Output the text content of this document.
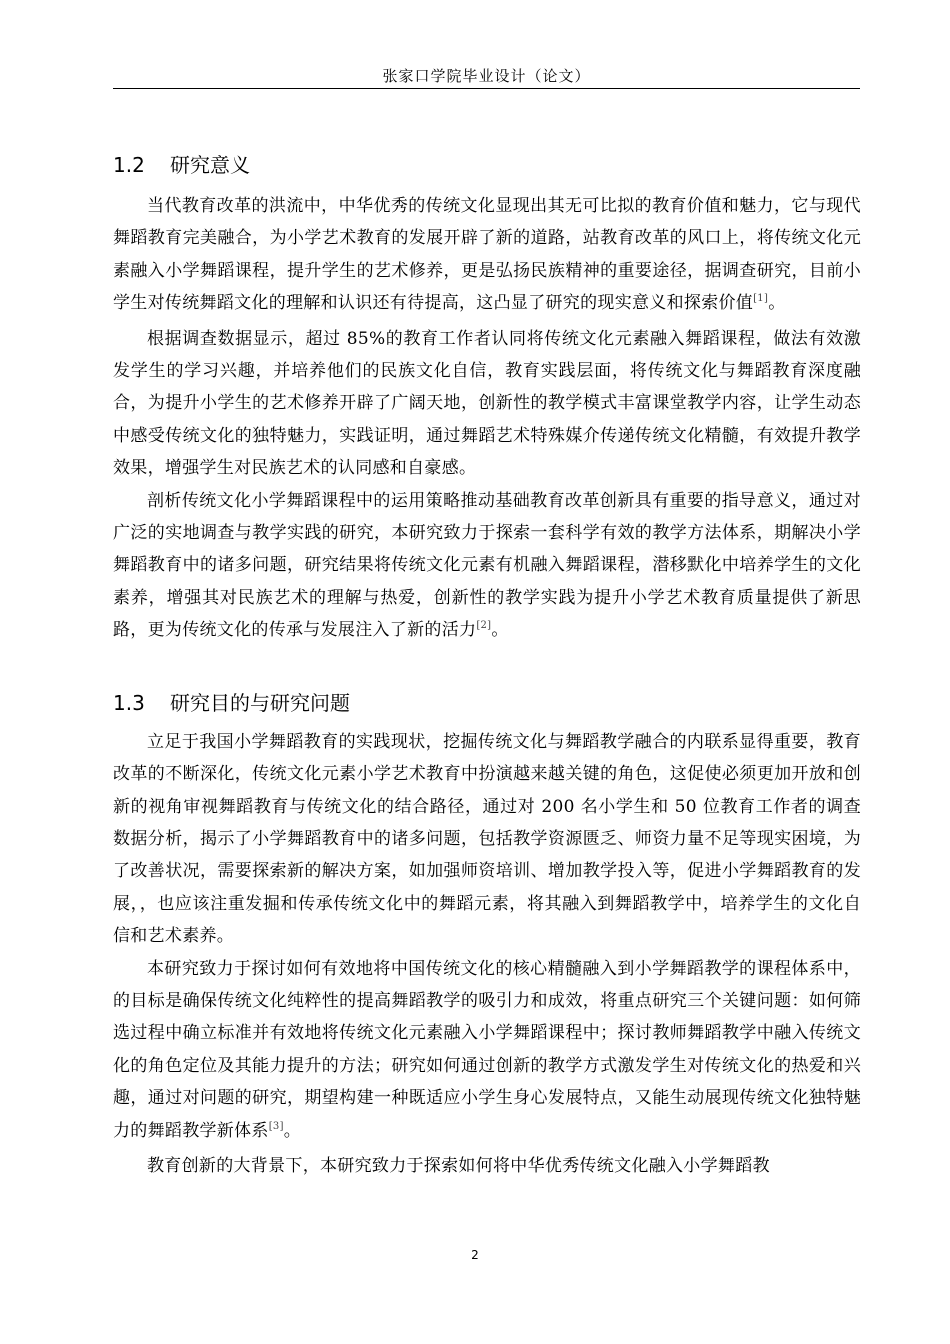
张家口学院毕业设计（论文）
1.2	研究意义

当代教育改革的洪流中，中华优秀的传统文化显现出其无可比拟的教育价值和魅力，它与现代舞蹈教育完美融合，为小学艺术教育的发展开辟了新的道路，站教育改革的风口上，将传统文化元素融入小学舞蹈课程，提升学生的艺术修养，更是弘扬民族精神的重要途径，据调查研究，目前小学生对传统舞蹈文化的理解和认识还有待提高，这凸显了研究的现实意义和探索价值[1]。

根据调查数据显示，超过 85%的教育工作者认同将传统文化元素融入舞蹈课程，做法有效激发学生的学习兴趣，并培养他们的民族文化自信，教育实践层面，将传统文化与舞蹈教育深度融合，为提升小学生的艺术修养开辟了广阔天地，创新性的教学模式丰富课堂教学内容，让学生动态中感受传统文化的独特魅力，实践证明，通过舞蹈艺术特殊媒介传递传统文化精髓，有效提升教学效果，增强学生对民族艺术的认同感和自豪感。

剖析传统文化小学舞蹈课程中的运用策略推动基础教育改革创新具有重要的指导意义，通过对广泛的实地调查与教学实践的研究，本研究致力于探索一套科学有效的教学方法体系，期解决小学舞蹈教育中的诸多问题，研究结果将传统文化元素有机融入舞蹈课程，潜移默化中培养学生的文化素养，增强其对民族艺术的理解与热爱，创新性的教学实践为提升小学艺术教育质量提供了新思路，更为传统文化的传承与发展注入了新的活力[2]。

1.3	研究目的与研究问题

立足于我国小学舞蹈教育的实践现状，挖掘传统文化与舞蹈教学融合的内联系显得重要，教育改革的不断深化，传统文化元素小学艺术教育中扮演越来越关键的角色，这促使必须更加开放和创新的视角审视舞蹈教育与传统文化的结合路径，通过对 200 名小学生和 50 位教育工作者的调查数据分析，揭示了小学舞蹈教育中的诸多问题，包括教学资源匮乏、师资力量不足等现实困境，为了改善状况，需要探索新的解决方案，如加强师资培训、增加教学投入等，促进小学舞蹈教育的发展，，也应该注重发掘和传承传统文化中的舞蹈元素，将其融入到舞蹈教学中，培养学生的文化自信和艺术素养。

本研究致力于探讨如何有效地将中国传统文化的核心精髓融入到小学舞蹈教学的课程体系中，的目标是确保传统文化纯粹性的提高舞蹈教学的吸引力和成效，将重点研究三个关键问题：如何筛选过程中确立标准并有效地将传统文化元素融入小学舞蹈课程中；探讨教师舞蹈教学中融入传统文化的角色定位及其能力提升的方法；研究如何通过创新的教学方式激发学生对传统文化的热爱和兴趣，通过对问题的研究，期望构建一种既适应小学生身心发展特点，又能生动展现传统文化独特魅力的舞蹈教学新体系[3]。

教育创新的大背景下，本研究致力于探索如何将中华优秀传统文化融入小学舞蹈教

2
